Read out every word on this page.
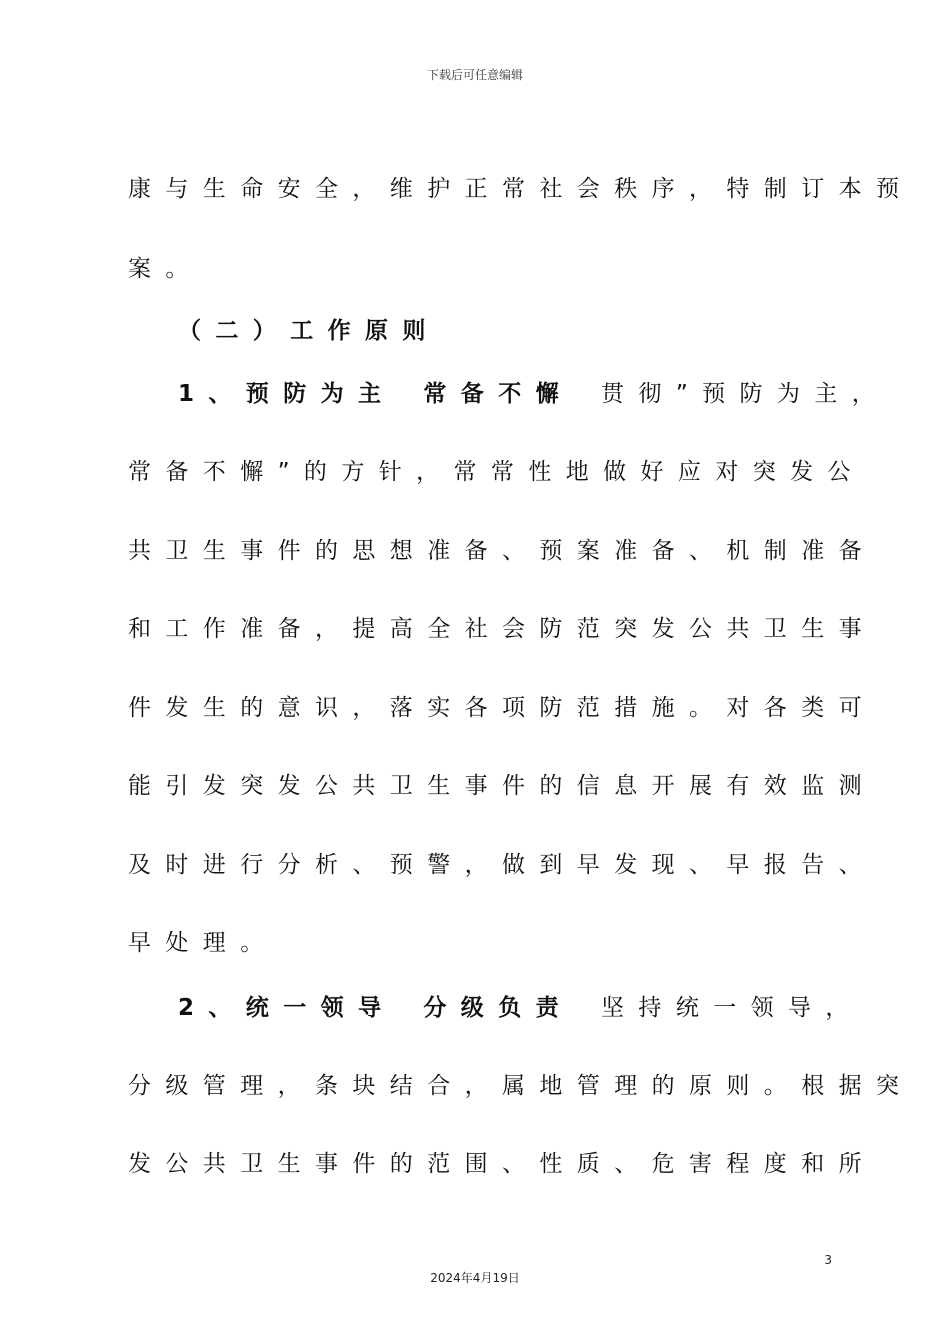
下载后可任意编辑
康与生命安全，维护正常社会秩序，特制订本预
案。
（二）工作原则
1、预防为主 常备不懈 贯彻”预防为主，
常备不懈”的方针，常常性地做好应对突发公
共卫生事件的思想准备、预案准备、机制准备
和工作准备，提高全社会防范突发公共卫生事
件发生的意识，落实各项防范措施。对各类可
能引发突发公共卫生事件的信息开展有效监测
及时进行分析、预警，做到早发现、早报告、
早处理。
2、统一领导 分级负责 坚持统一领导，
分级管理，条块结合，属地管理的原则。根据突
发公共卫生事件的范围、性质、危害程度和所
3
2024年4月19日
